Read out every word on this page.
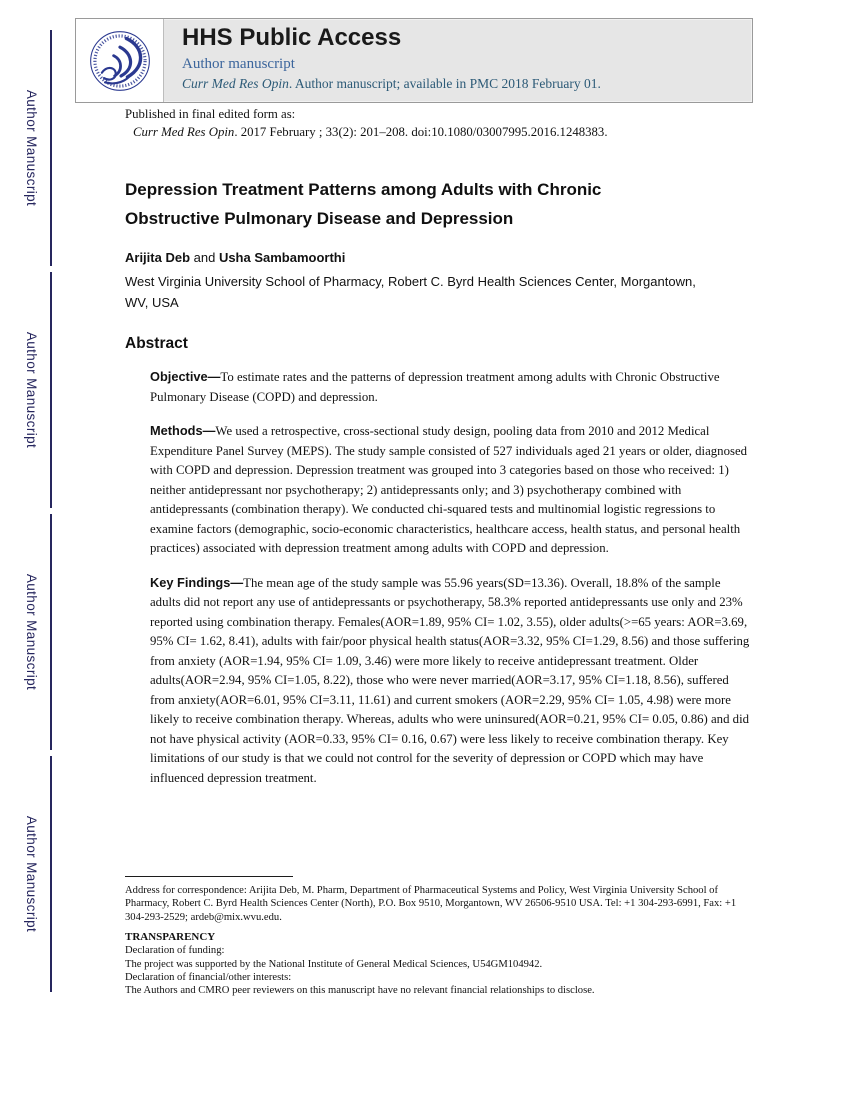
Author Manuscript
Author Manuscript
Author Manuscript
Author Manuscript
HHS Public Access
Author manuscript
Curr Med Res Opin. Author manuscript; available in PMC 2018 February 01.
Published in final edited form as:
Curr Med Res Opin. 2017 February ; 33(2): 201–208. doi:10.1080/03007995.2016.1248383.
Depression Treatment Patterns among Adults with Chronic Obstructive Pulmonary Disease and Depression
Arijita Deb and Usha Sambamoorthi
West Virginia University School of Pharmacy, Robert C. Byrd Health Sciences Center, Morgantown, WV, USA
Abstract

Objective—To estimate rates and the patterns of depression treatment among adults with Chronic Obstructive Pulmonary Disease (COPD) and depression.

Methods—We used a retrospective, cross-sectional study design, pooling data from 2010 and 2012 Medical Expenditure Panel Survey (MEPS). The study sample consisted of 527 individuals aged 21 years or older, diagnosed with COPD and depression. Depression treatment was grouped into 3 categories based on those who received: 1) neither antidepressant nor psychotherapy; 2) antidepressants only; and 3) psychotherapy combined with antidepressants (combination therapy). We conducted chi-squared tests and multinomial logistic regressions to examine factors (demographic, socio-economic characteristics, healthcare access, health status, and personal health practices) associated with depression treatment among adults with COPD and depression.

Key Findings—The mean age of the study sample was 55.96 years(SD=13.36). Overall, 18.8% of the sample adults did not report any use of antidepressants or psychotherapy, 58.3% reported antidepressants use only and 23% reported using combination therapy. Females(AOR=1.89, 95% CI= 1.02, 3.55), older adults(>=65 years: AOR=3.69, 95% CI= 1.62, 8.41), adults with fair/poor physical health status(AOR=3.32, 95% CI=1.29, 8.56) and those suffering from anxiety (AOR=1.94, 95% CI= 1.09, 3.46) were more likely to receive antidepressant treatment. Older adults(AOR=2.94, 95% CI=1.05, 8.22), those who were never married(AOR=3.17, 95% CI=1.18, 8.56), suffered from anxiety(AOR=6.01, 95% CI=3.11, 11.61) and current smokers (AOR=2.29, 95% CI= 1.05, 4.98) were more likely to receive combination therapy. Whereas, adults who were uninsured(AOR=0.21, 95% CI= 0.05, 0.86) and did not have physical activity (AOR=0.33, 95% CI= 0.16, 0.67) were less likely to receive combination therapy. Key limitations of our study is that we could not control for the severity of depression or COPD which may have influenced depression treatment.

Address for correspondence: Arijita Deb, M. Pharm, Department of Pharmaceutical Systems and Policy, West Virginia University School of Pharmacy, Robert C. Byrd Health Sciences Center (North), P.O. Box 9510, Morgantown, WV 26506-9510 USA. Tel: +1 304-293-6991, Fax: +1 304-293-2529; ardeb@mix.wvu.edu.
TRANSPARENCY
Declaration of funding:
The project was supported by the National Institute of General Medical Sciences, U54GM104942.
Declaration of financial/other interests:
The Authors and CMRO peer reviewers on this manuscript have no relevant financial relationships to disclose.
